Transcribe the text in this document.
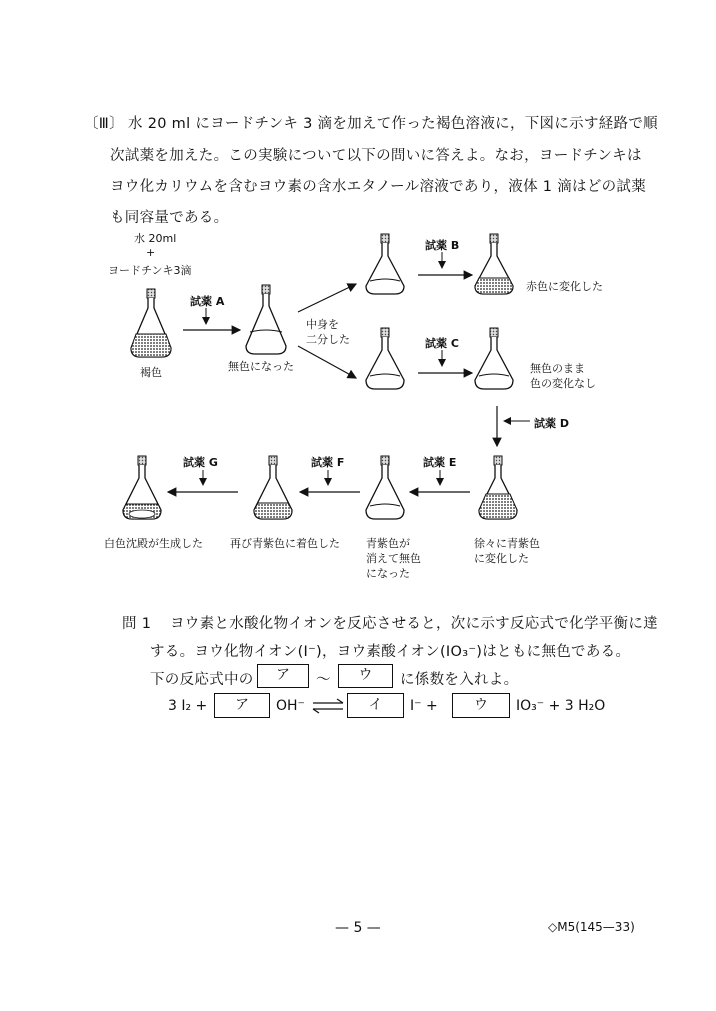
〔Ⅲ〕 水 20 ml にヨードチンキ 3 滴を加えて作った褐色溶液に，下図に示す経路で順
次試薬を加えた。この実験について以下の問いに答えよ。なお，ヨードチンキは
ヨウ化カリウムを含むヨウ素の含水エタノール溶液であり，液体 1 滴はどの試薬
も同容量である。
水 20ml
+
ヨードチンキ3滴
褐色
試薬 A
無色になった
中身を
二分した
試薬 B
赤色に変化した
試薬 C
無色のまま
色の変化なし
試薬 D
徐々に青紫色
に変化した
試薬 E
青紫色が
消えて無色
になった
試薬 F
再び青紫色に着色した
試薬 G
白色沈殿が生成した
問 1 ヨウ素と水酸化物イオンを反応させると，次に示す反応式で化学平衡に達
する。ヨウ化物イオン(I⁻)，ヨウ素酸イオン(IO₃⁻)はともに無色である。
下の反応式中の	ア	～	ウ	に係数を入れよ。
3 I₂ +	ア	OH⁻ ⇌	イ	I⁻ +	ウ	IO₃⁻ + 3 H₂O
— 5 —	◇M5(145—33)
